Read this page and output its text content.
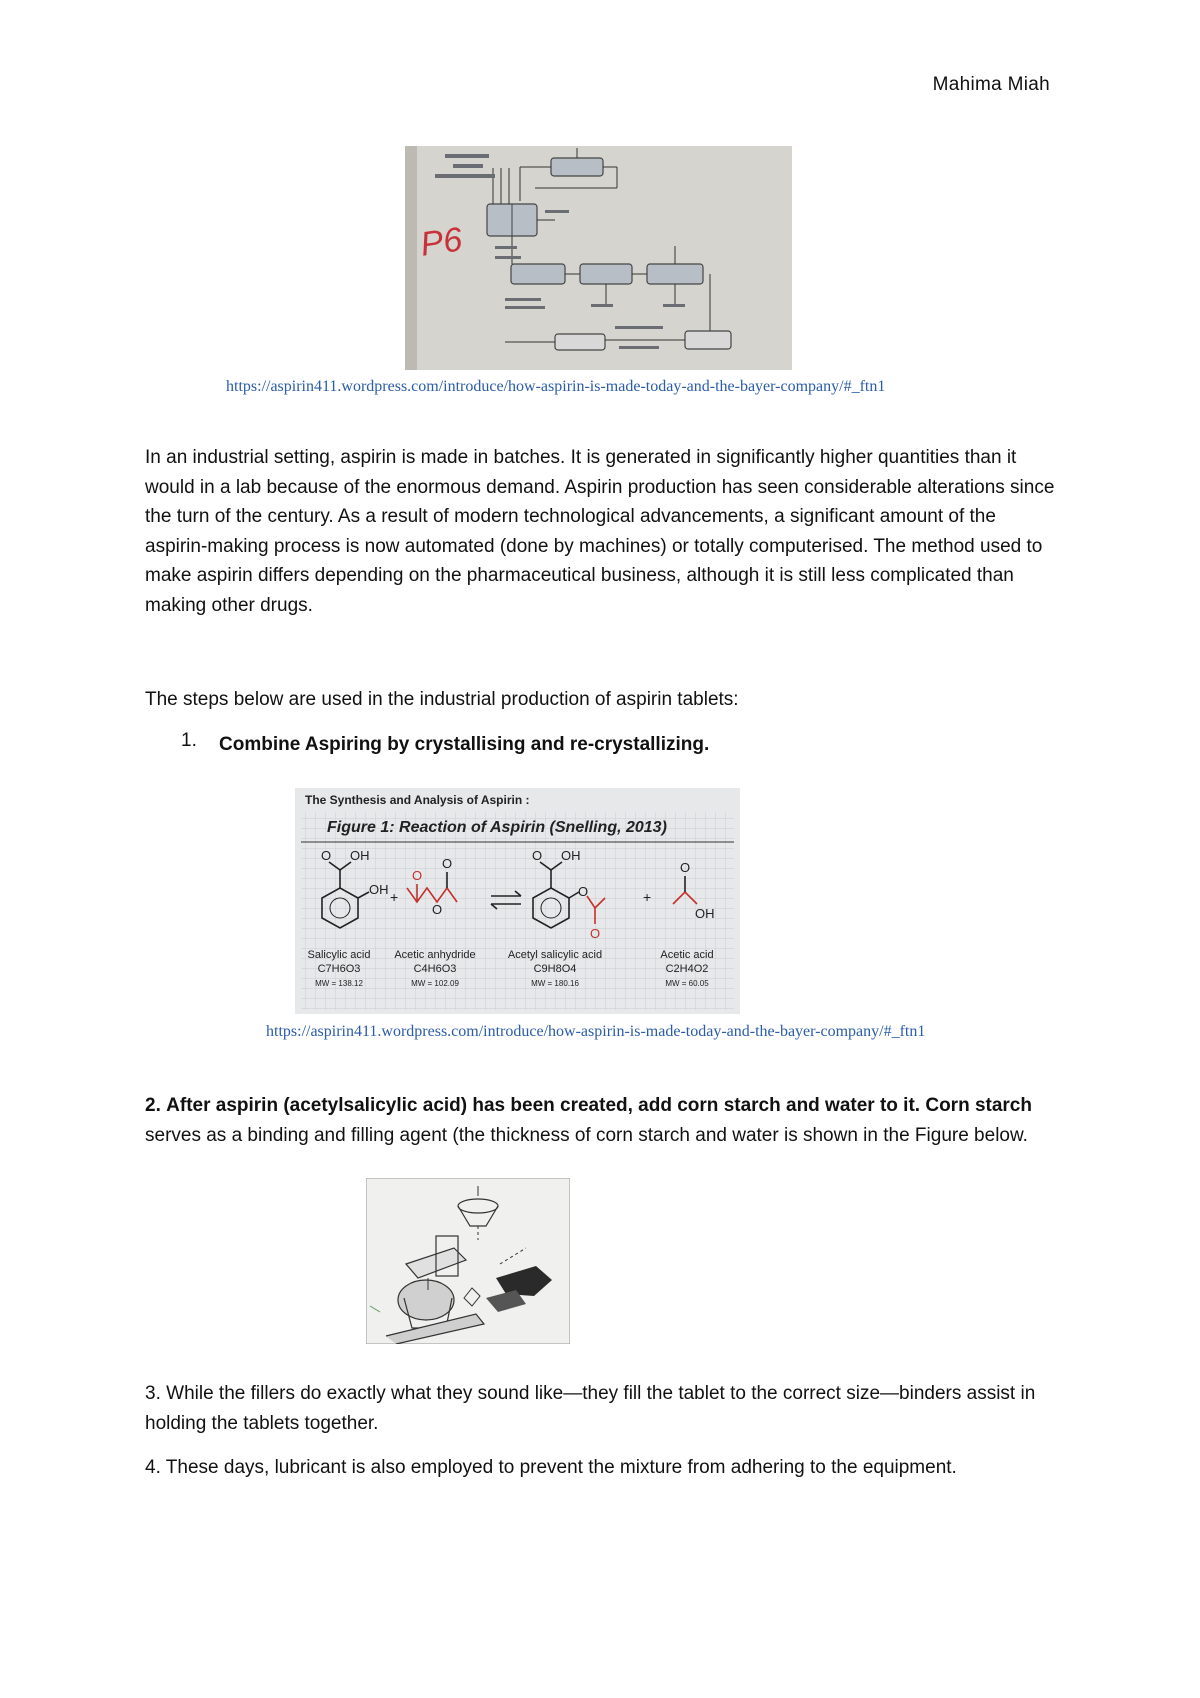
Mahima Miah
P6
https://aspirin411.wordpress.com/introduce/how-aspirin-is-made-today-and-the-bayer-company/#_ftn1

In an industrial setting, aspirin is made in batches. It is generated in significantly higher quantities than it would in a lab because of the enormous demand. Aspirin production has seen considerable alterations since the turn of the century. As a result of modern technological advancements, a significant amount of the aspirin-making process is now automated (done by machines) or totally computerised. The method used to make aspirin differs depending on the pharmaceutical business, although it is still less complicated than making other drugs.

The steps below are used in the industrial production of aspirin tablets:

1. Combine Aspiring by crystallising and re-crystallizing.
The Synthesis and Analysis of Aspirin :
Figure 1: Reaction of Aspirin (Snelling, 2013)
O OH
OH +
O
O
O
O OH
O
O
+
O
OH
Salicylic acid
C7H6O3
MW = 138.12
Acetic anhydride
C4H6O3
MW = 102.09
Acetyl salicylic acid
C9H8O4
MW = 180.16
Acetic acid
C2H4O2
MW = 60.05
https://aspirin411.wordpress.com/introduce/how-aspirin-is-made-today-and-the-bayer-company/#_ftn1

2. After aspirin (acetylsalicylic acid) has been created, add corn starch and water to it. Corn starch serves as a binding and filling agent (the thickness of corn starch and water is shown in the Figure below.

3. While the fillers do exactly what they sound like—they fill the tablet to the correct size—binders assist in holding the tablets together.

4. These days, lubricant is also employed to prevent the mixture from adhering to the equipment.
